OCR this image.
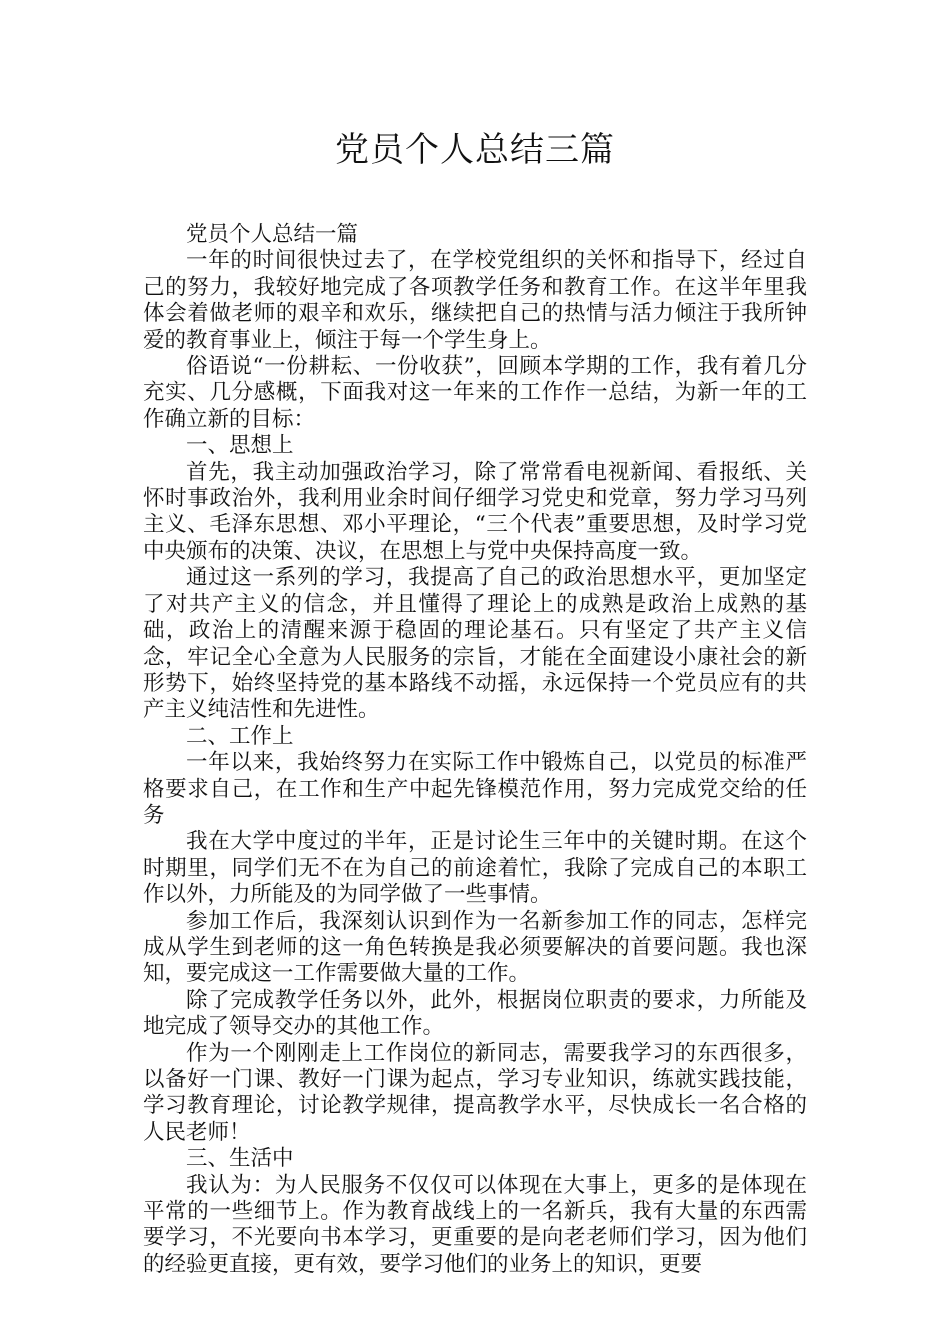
党员个人总结三篇

党员个人总结一篇

一年的时间很快过去了，在学校党组织的关怀和指导下，经过自己的努力，我较好地完成了各项教学任务和教育工作。在这半年里我体会着做老师的艰辛和欢乐，继续把自己的热情与活力倾注于我所钟爱的教育事业上，倾注于每一个学生身上。

俗语说“一份耕耘、一份收获”，回顾本学期的工作，我有着几分充实、几分感概，下面我对这一年来的工作作一总结，为新一年的工作确立新的目标：

一、思想上

首先，我主动加强政治学习，除了常常看电视新闻、看报纸、关怀时事政治外，我利用业余时间仔细学习党史和党章，努力学习马列主义、毛泽东思想、邓小平理论，“三个代表”重要思想，及时学习党中央颁布的决策、决议，在思想上与党中央保持高度一致。

通过这一系列的学习，我提高了自己的政治思想水平，更加坚定了对共产主义的信念，并且懂得了理论上的成熟是政治上成熟的基础，政治上的清醒来源于稳固的理论基石。只有坚定了共产主义信念，牢记全心全意为人民服务的宗旨，才能在全面建设小康社会的新形势下，始终坚持党的基本路线不动摇，永远保持一个党员应有的共产主义纯洁性和先进性。

二、工作上

一年以来，我始终努力在实际工作中锻炼自己，以党员的标准严格要求自己，在工作和生产中起先锋模范作用，努力完成党交给的任务

我在大学中度过的半年，正是讨论生三年中的关键时期。在这个时期里，同学们无不在为自己的前途着忙，我除了完成自己的本职工作以外，力所能及的为同学做了一些事情。

参加工作后，我深刻认识到作为一名新参加工作的同志，怎样完成从学生到老师的这一角色转换是我必须要解决的首要问题。我也深知，要完成这一工作需要做大量的工作。

除了完成教学任务以外，此外，根据岗位职责的要求，力所能及地完成了领导交办的其他工作。

作为一个刚刚走上工作岗位的新同志，需要我学习的东西很多，以备好一门课、教好一门课为起点，学习专业知识，练就实践技能，学习教育理论，讨论教学规律，提高教学水平，尽快成长一名合格的人民老师！

三、生活中

我认为：为人民服务不仅仅可以体现在大事上，更多的是体现在平常的一些细节上。作为教育战线上的一名新兵，我有大量的东西需要学习，不光要向书本学习，更重要的是向老老师们学习，因为他们的经验更直接，更有效，要学习他们的业务上的知识，更要
